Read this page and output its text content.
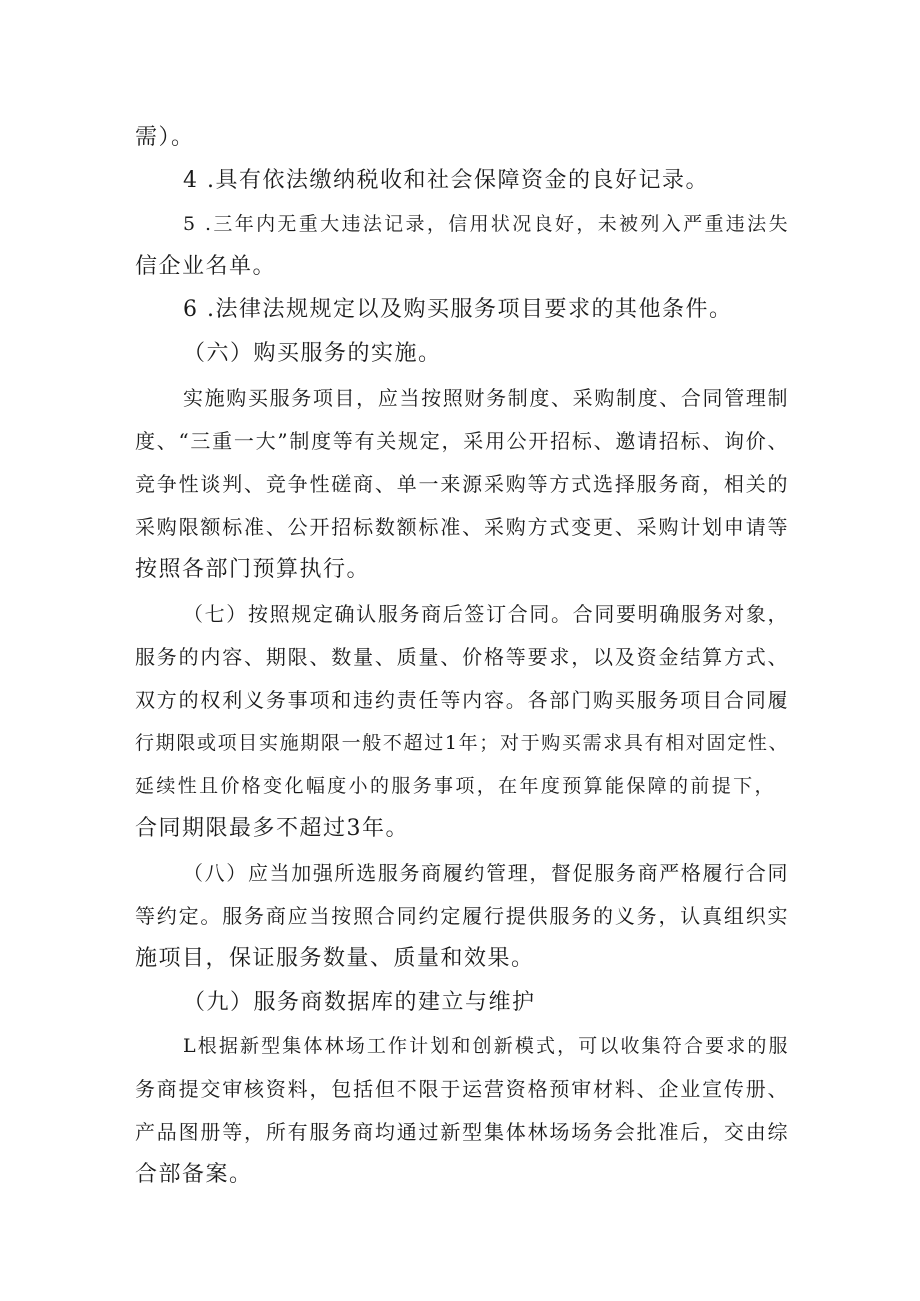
需）。
4 .具有依法缴纳税收和社会保障资金的良好记录。
5 .三年内无重大违法记录，信用状况良好，未被列入严重违法失
信企业名单。
6 .法律法规规定以及购买服务项目要求的其他条件。
（六）购买服务的实施。
实施购买服务项目，应当按照财务制度、采购制度、合同管理制
度、“三重一大”制度等有关规定，采用公开招标、邀请招标、询价、
竞争性谈判、竞争性磋商、单一来源采购等方式选择服务商，相关的
采购限额标准、公开招标数额标准、采购方式变更、采购计划申请等
按照各部门预算执行。
（七）按照规定确认服务商后签订合同。合同要明确服务对象，
服务的内容、期限、数量、质量、价格等要求，以及资金结算方式、
双方的权利义务事项和违约责任等内容。各部门购买服务项目合同履
行期限或项目实施期限一般不超过1年；对于购买需求具有相对固定性、
延续性且价格变化幅度小的服务事项，在年度预算能保障的前提下，
合同期限最多不超过3年。
（八）应当加强所选服务商履约管理，督促服务商严格履行合同
等约定。服务商应当按照合同约定履行提供服务的义务，认真组织实
施项目，保证服务数量、质量和效果。
（九）服务商数据库的建立与维护
L根据新型集体林场工作计划和创新模式，可以收集符合要求的服
务商提交审核资料，包括但不限于运营资格预审材料、企业宣传册、
产品图册等，所有服务商均通过新型集体林场场务会批准后，交由综
合部备案。
